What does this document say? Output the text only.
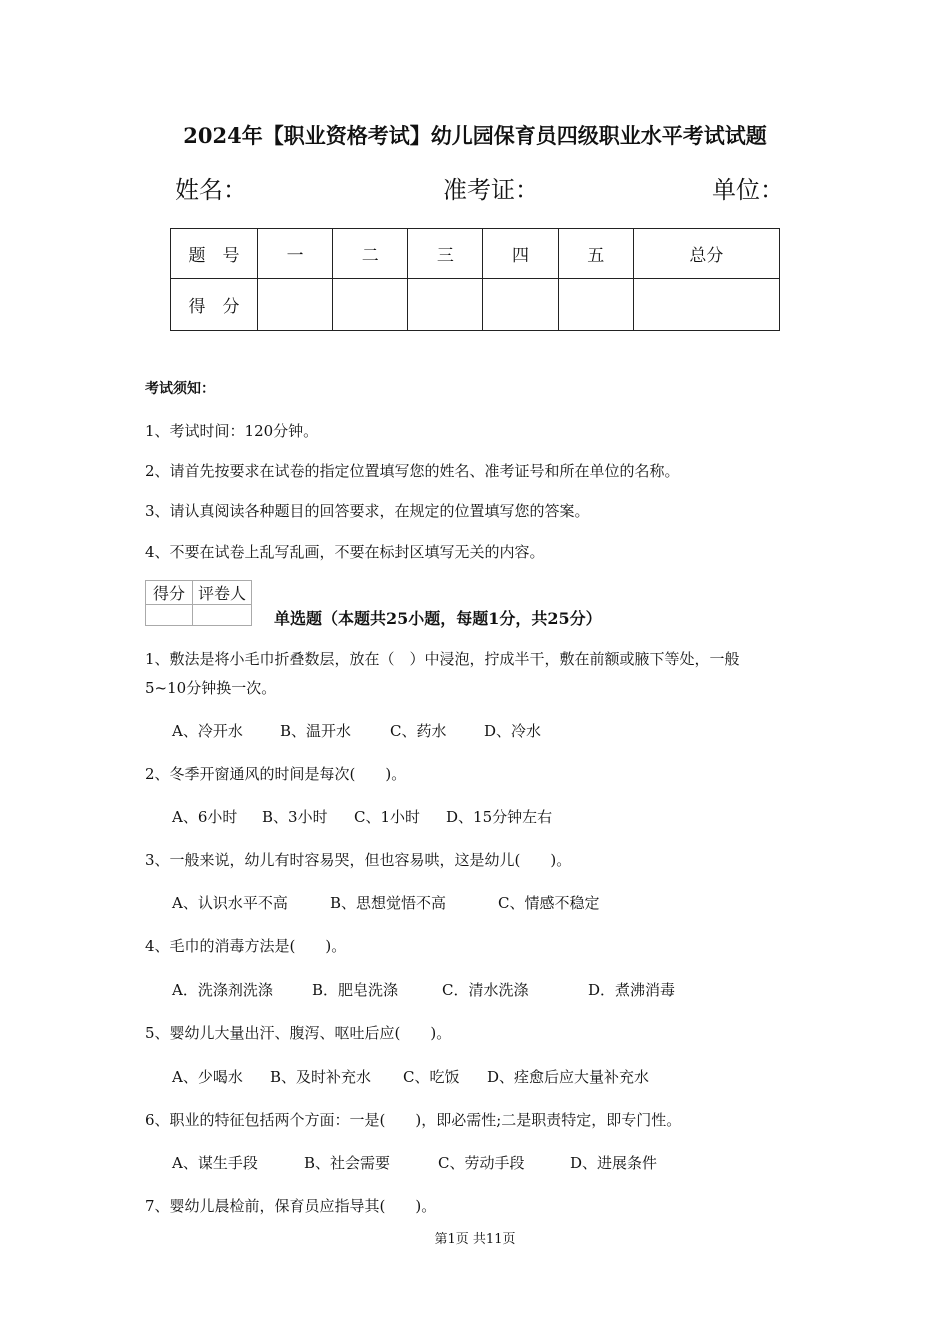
2024年【职业资格考试】幼儿园保育员四级职业水平考试试题
姓名：	准考证：	单位：
题　号	一	二	三	四	五	总分
得　分						
考试须知：
1、考试时间：120分钟。
2、请首先按要求在试卷的指定位置填写您的姓名、准考证号和所在单位的名称。
3、请认真阅读各种题目的回答要求，在规定的位置填写您的答案。
4、不要在试卷上乱写乱画，不要在标封区填写无关的内容。
得分	评卷人

单选题（本题共25小题，每题1分，共25分）
1、敷法是将小毛巾折叠数层，放在（　）中浸泡，拧成半干，敷在前额或腋下等处，一般
5~10分钟换一次。
A、冷开水 B、温开水	C、药水	D、冷水
2、冬季开窗通风的时间是每次(　　)。
A、6小时 B、3小时 C、1小时 D、15分钟左右
3、一般来说，幼儿有时容易哭，但也容易哄，这是幼儿(　　)。
A、认识水平不高	B、思想觉悟不高	C、情感不稳定
4、毛巾的消毒方法是(　　)。
A．洗涤剂洗涤	B．肥皂洗涤	C．清水洗涤	D．煮沸消毒
5、婴幼儿大量出汗、腹泻、呕吐后应(　　)。
A、少喝水 B、及时补充水 C、吃饭 D、痊愈后应大量补充水
6、职业的特征包括两个方面：一是(　　)，即必需性;二是职责特定，即专门性。
A、谋生手段	B、社会需要	C、劳动手段	D、进展条件
7、婴幼儿晨检前，保育员应指导其(　　)。
第1页 共11页
